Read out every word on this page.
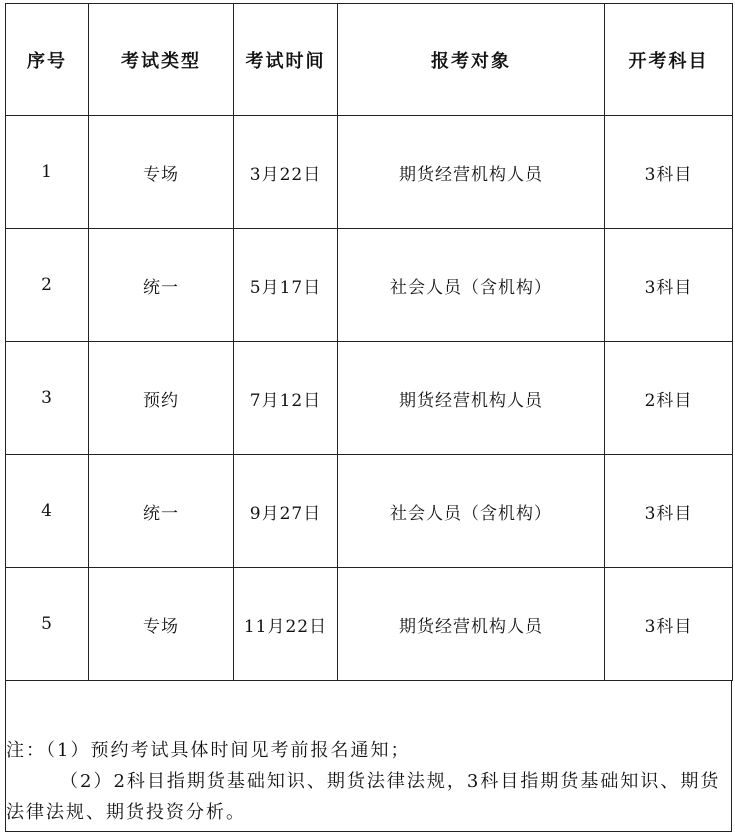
序号	考试类型	考试时间	报考对象	开考科目
1	专场	3月22日	期货经营机构人员	3科目
2	统一	5月17日	社会人员（含机构）	3科目
3	预约	7月12日	期货经营机构人员	2科目
4	统一	9月27日	社会人员（含机构）	3科目
5	专场	11月22日	期货经营机构人员	3科目
注：（1）预约考试具体时间见考前报名通知；
（2）2科目指期货基础知识、期货法律法规，3科目指期货基础知识、期货法律法规、期货投资分析。
